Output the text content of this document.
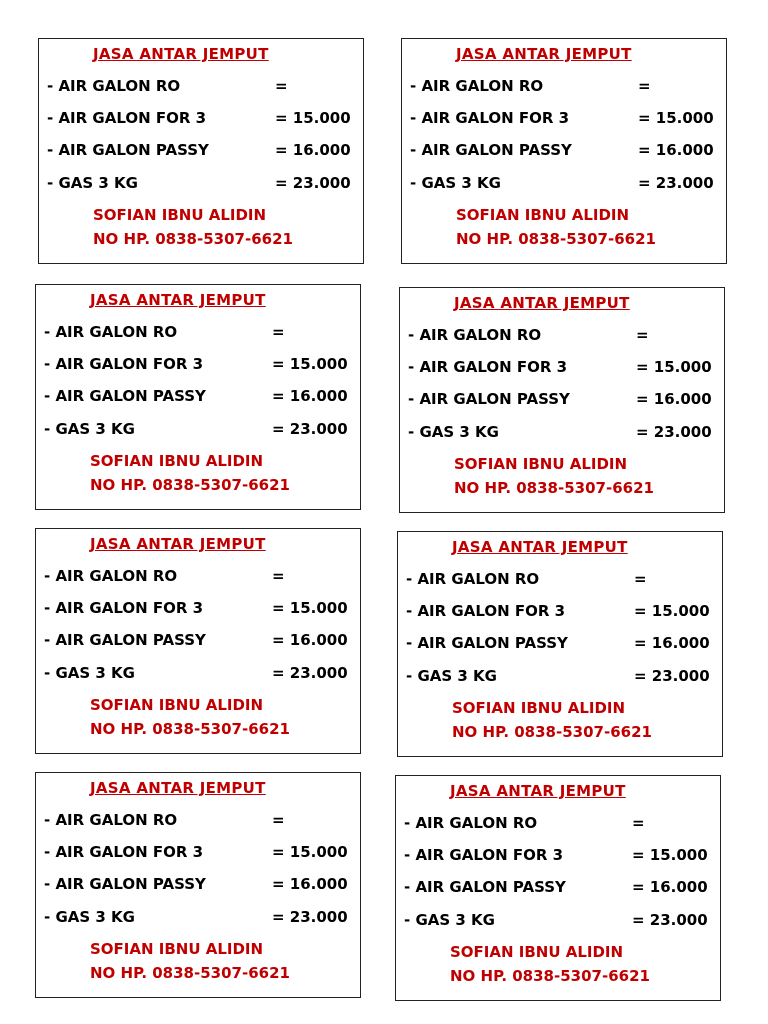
JASA ANTAR JEMPUT
- AIR GALON RO	=
- AIR GALON FOR 3	= 15.000
- AIR GALON PASSY	= 16.000
- GAS 3 KG	= 23.000
SOFIAN IBNU ALIDIN
NO HP. 0838-5307-6621
JASA ANTAR JEMPUT
- AIR GALON RO	=
- AIR GALON FOR 3	= 15.000
- AIR GALON PASSY	= 16.000
- GAS 3 KG	= 23.000
SOFIAN IBNU ALIDIN
NO HP. 0838-5307-6621
JASA ANTAR JEMPUT
- AIR GALON RO	=
- AIR GALON FOR 3	= 15.000
- AIR GALON PASSY	= 16.000
- GAS 3 KG	= 23.000
SOFIAN IBNU ALIDIN
NO HP. 0838-5307-6621
JASA ANTAR JEMPUT
- AIR GALON RO	=
- AIR GALON FOR 3	= 15.000
- AIR GALON PASSY	= 16.000
- GAS 3 KG	= 23.000
SOFIAN IBNU ALIDIN
NO HP. 0838-5307-6621
JASA ANTAR JEMPUT
- AIR GALON RO	=
- AIR GALON FOR 3	= 15.000
- AIR GALON PASSY	= 16.000
- GAS 3 KG	= 23.000
SOFIAN IBNU ALIDIN
NO HP. 0838-5307-6621
JASA ANTAR JEMPUT
- AIR GALON RO	=
- AIR GALON FOR 3	= 15.000
- AIR GALON PASSY	= 16.000
- GAS 3 KG	= 23.000
SOFIAN IBNU ALIDIN
NO HP. 0838-5307-6621
JASA ANTAR JEMPUT
- AIR GALON RO	=
- AIR GALON FOR 3	= 15.000
- AIR GALON PASSY	= 16.000
- GAS 3 KG	= 23.000
SOFIAN IBNU ALIDIN
NO HP. 0838-5307-6621
JASA ANTAR JEMPUT
- AIR GALON RO	=
- AIR GALON FOR 3	= 15.000
- AIR GALON PASSY	= 16.000
- GAS 3 KG	= 23.000
SOFIAN IBNU ALIDIN
NO HP. 0838-5307-6621
